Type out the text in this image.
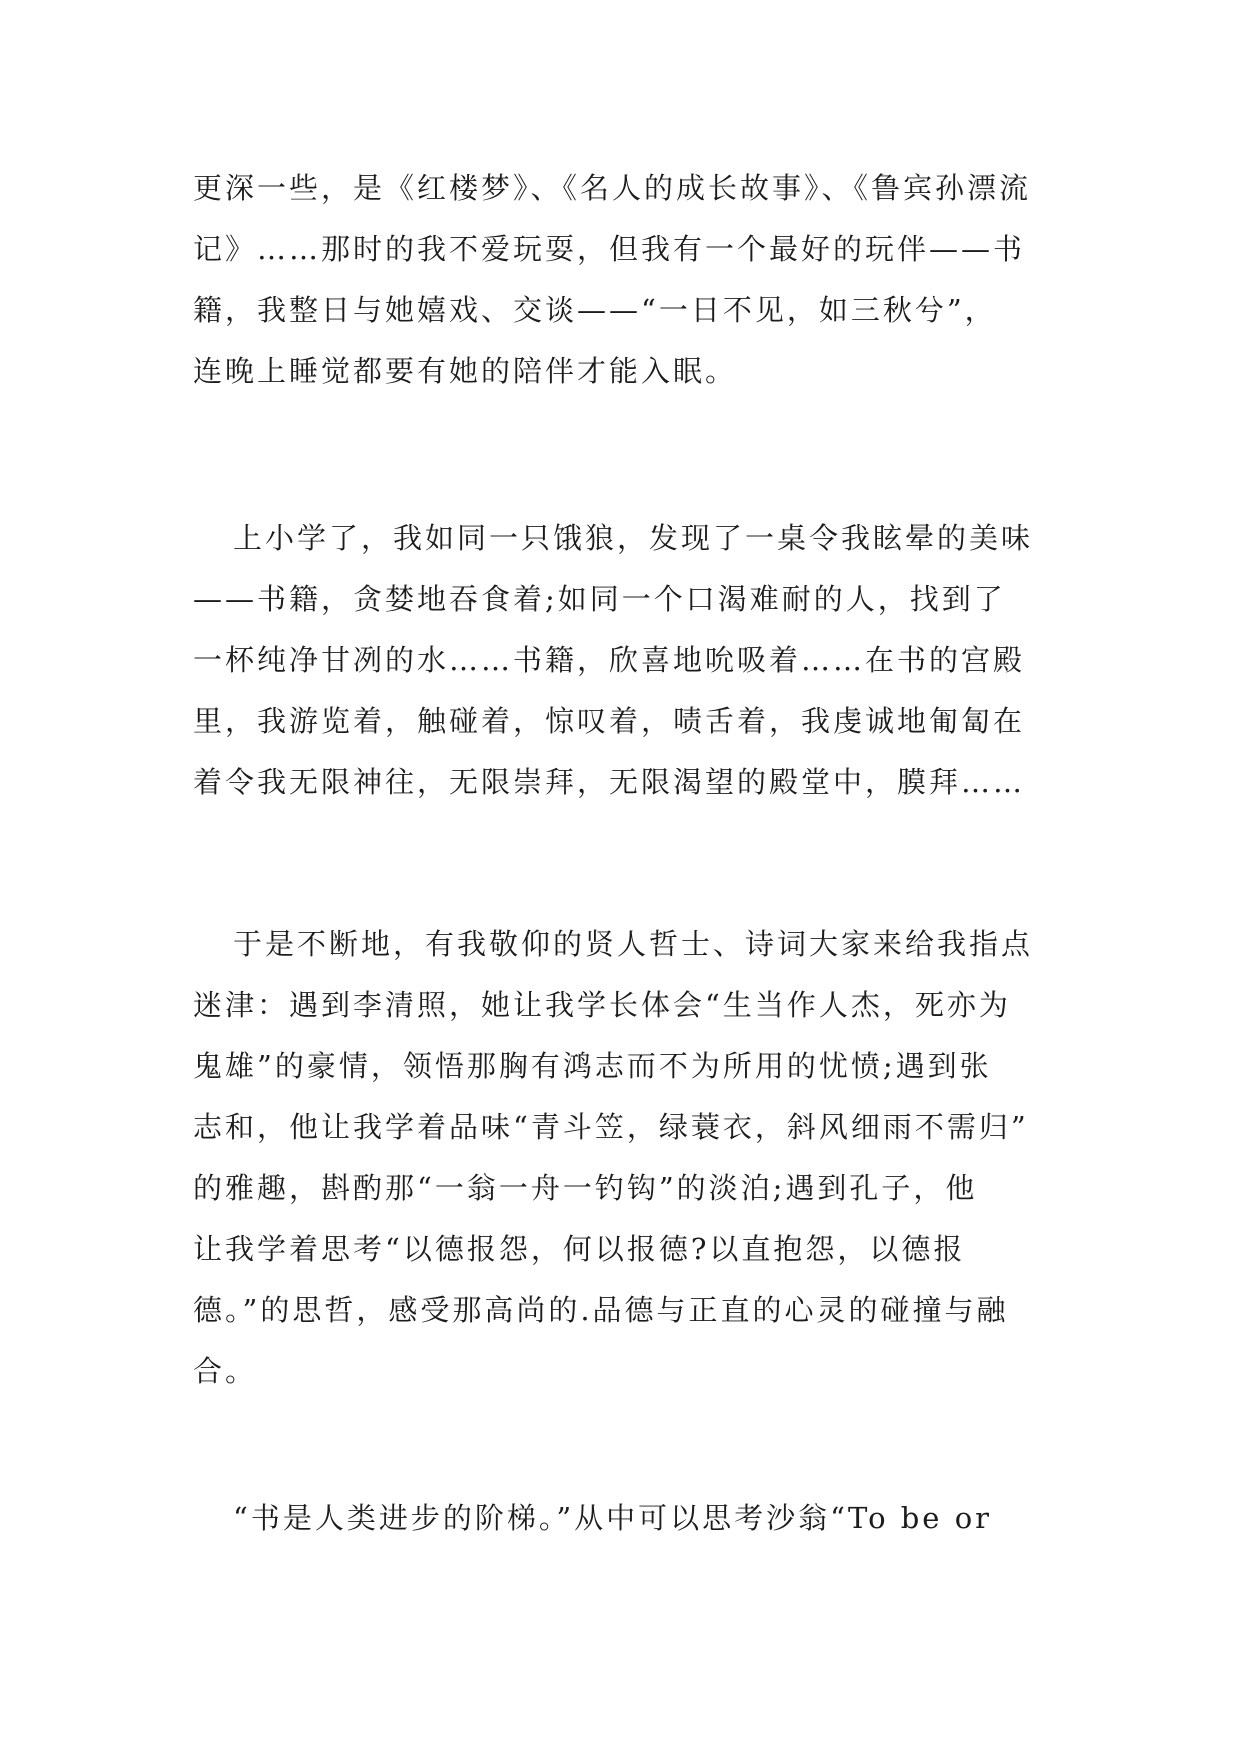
更深一些，是《红楼梦》、《名人的成长故事》、《鲁宾孙漂流
记》……那时的我不爱玩耍，但我有一个最好的玩伴——书
籍，我整日与她嬉戏、交谈——“一日不见，如三秋兮”，
连晚上睡觉都要有她的陪伴才能入眠。

上小学了，我如同一只饿狼，发现了一桌令我眩晕的美味
——书籍，贪婪地吞食着;如同一个口渴难耐的人，找到了
一杯纯净甘冽的水……书籍，欣喜地吮吸着……在书的宫殿
里，我游览着，触碰着，惊叹着，啧舌着，我虔诚地匍匐在
着令我无限神往，无限崇拜，无限渴望的殿堂中，膜拜……

于是不断地，有我敬仰的贤人哲士、诗词大家来给我指点
迷津：遇到李清照，她让我学长体会“生当作人杰，死亦为
鬼雄”的豪情，领悟那胸有鸿志而不为所用的忧愤;遇到张
志和，他让我学着品味“青斗笠，绿蓑衣，斜风细雨不需归”
的雅趣，斟酌那“一翁一舟一钓钩”的淡泊;遇到孔子，他
让我学着思考“以德报怨，何以报德?以直抱怨，以德报
德。”的思哲，感受那高尚的.品德与正直的心灵的碰撞与融
合。

“书是人类进步的阶梯。”从中可以思考沙翁“To be or
